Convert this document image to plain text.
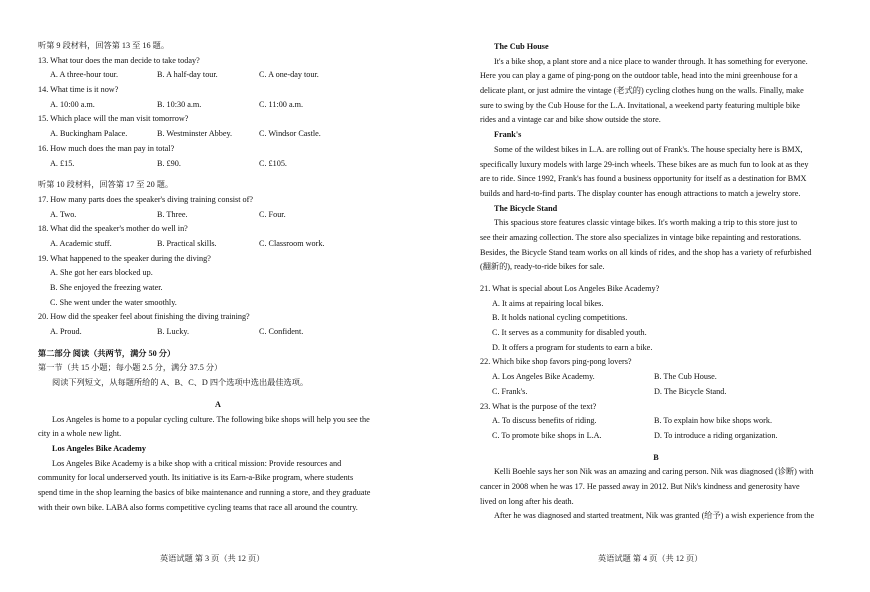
听第 9 段材料，回答第 13 至 16 题。
13. What tour does the man decide to take today?
A. A three-hour tour.	B. A half-day tour.	C. A one-day tour.
14. What time is it now?
A. 10:00 a.m.	B. 10:30 a.m.	C. 11:00 a.m.
15. Which place will the man visit tomorrow?
A. Buckingham Palace.	B. Westminster Abbey.	C. Windsor Castle.
16. How much does the man pay in total?
A. £15.	B. £90.	C. £105.
听第 10 段材料，回答第 17 至 20 题。
17. How many parts does the speaker's diving training consist of?
A. Two.	B. Three.	C. Four.
18. What did the speaker's mother do well in?
A. Academic stuff.	B. Practical skills.	C. Classroom work.
19. What happened to the speaker during the diving?
A. She got her ears blocked up.
B. She enjoyed the freezing water.
C. She went under the water smoothly.
20. How did the speaker feel about finishing the diving training?
A. Proud.	B. Lucky.	C. Confident.
第二部分 阅读（共两节，满分 50 分）
第一节（共 15 小题；每小题 2.5 分，满分 37.5 分）
阅读下列短文，从每题所给的 A、B、C、D 四个选项中选出最佳选项。
A
Los Angeles is home to a popular cycling culture. The following bike shops will help you see the
city in a whole new light.
Los Angeles Bike Academy
Los Angeles Bike Academy is a bike shop with a critical mission: Provide resources and
community for local underserved youth. Its initiative is its Earn-a-Bike program, where students
spend time in the shop learning the basics of bike maintenance and running a store, and they graduate
with their own bike. LABA also forms competitive cycling teams that race all around the country.
英语试题 第 3 页（共 12 页）
The Cub House
It's a bike shop, a plant store and a nice place to wander through. It has something for everyone.
Here you can play a game of ping-pong on the outdoor table, head into the mini greenhouse for a
delicate plant, or just admire the vintage (老式的) cycling clothes hung on the walls. Finally, make
sure to swing by the Cub House for the L.A. Invitational, a weekend party featuring multiple bike
rides and a vintage car and bike show outside the store.
Frank's
Some of the wildest bikes in L.A. are rolling out of Frank's. The house specialty here is BMX,
specifically luxury models with large 29-inch wheels. These bikes are as much fun to look at as they
are to ride. Since 1992, Frank's has found a business opportunity for itself as a destination for BMX
builds and hard-to-find parts. The display counter has enough attractions to match a jewelry store.
The Bicycle Stand
This spacious store features classic vintage bikes. It's worth making a trip to this store just to
see their amazing collection. The store also specializes in vintage bike repainting and restorations.
Besides, the Bicycle Stand team works on all kinds of rides, and the shop has a variety of refurbished
(翻新的), ready-to-ride bikes for sale.
21. What is special about Los Angeles Bike Academy?
A. It aims at repairing local bikes.
B. It holds national cycling competitions.
C. It serves as a community for disabled youth.
D. It offers a program for students to earn a bike.
22. Which bike shop favors ping-pong lovers?
A. Los Angeles Bike Academy.	B. The Cub House.
C. Frank's.	D. The Bicycle Stand.
23. What is the purpose of the text?
A. To discuss benefits of riding.	B. To explain how bike shops work.
C. To promote bike shops in L.A.	D. To introduce a riding organization.
B
Kelli Boehle says her son Nik was an amazing and caring person. Nik was diagnosed (诊断) with
cancer in 2008 when he was 17. He passed away in 2012. But Nik's kindness and generosity have
lived on long after his death.
After he was diagnosed and started treatment, Nik was granted (给予) a wish experience from the
英语试题 第 4 页（共 12 页）
